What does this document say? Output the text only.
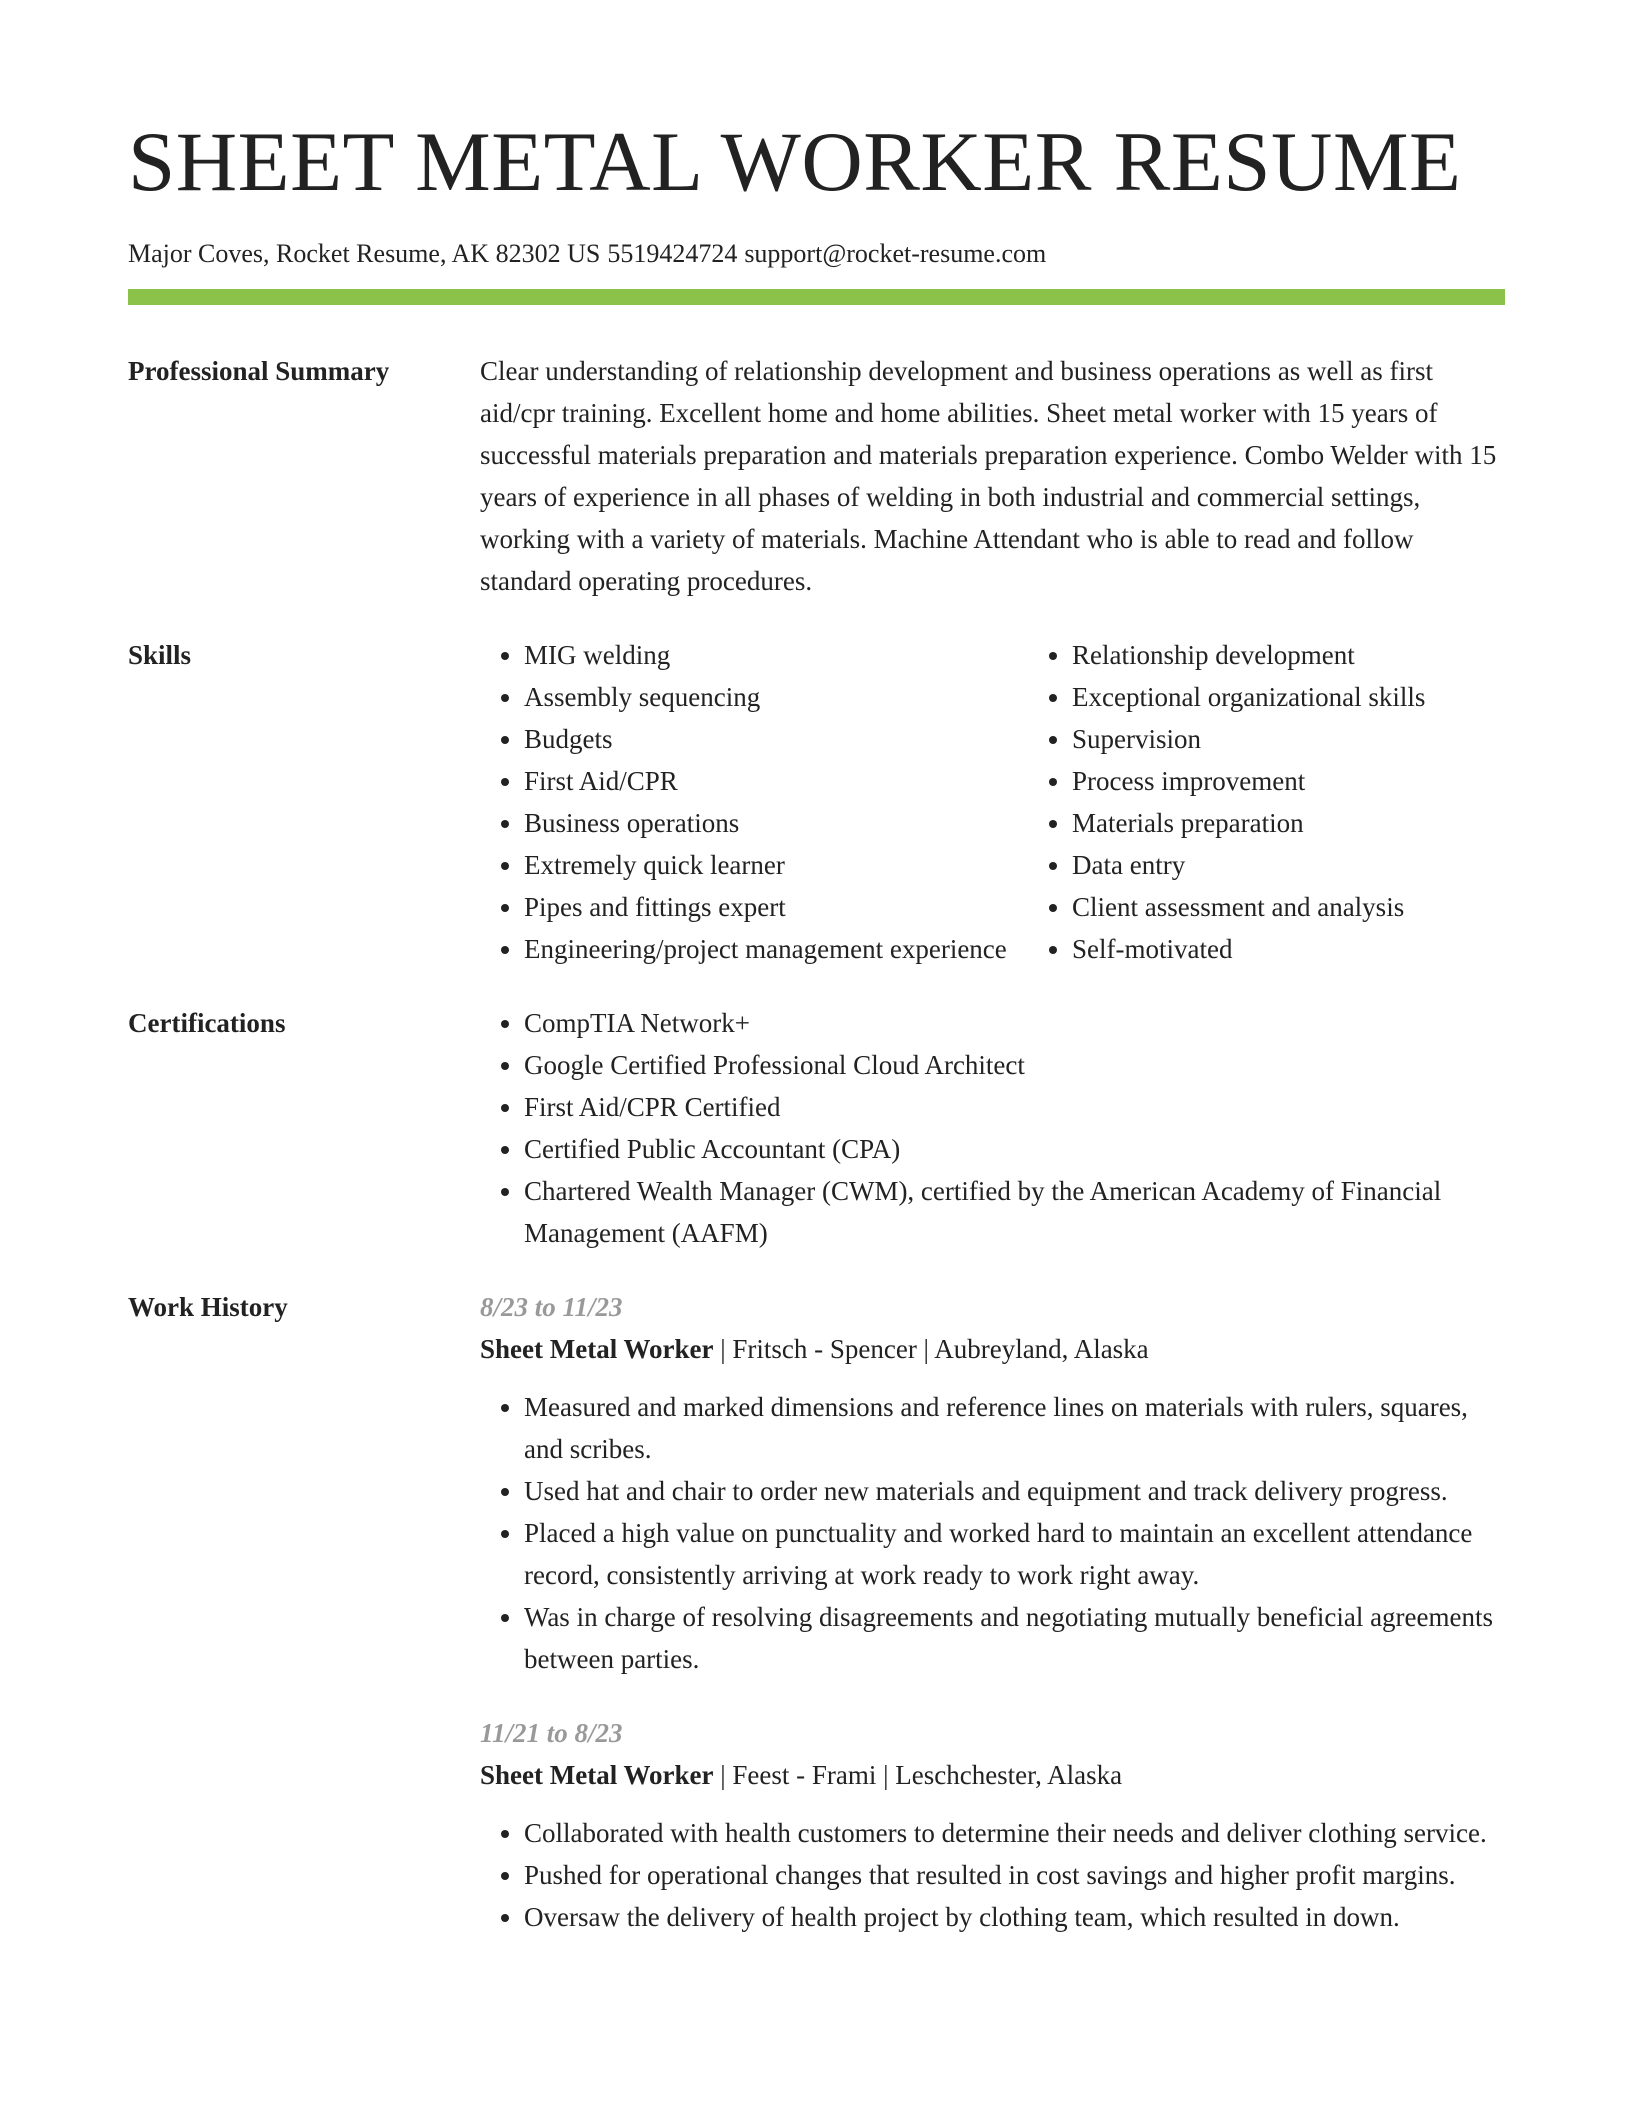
SHEET METAL WORKER RESUME
Major Coves, Rocket Resume, AK 82302 US 5519424724 support@rocket-resume.com
Professional Summary	Clear understanding of relationship development and business operations as well as first aid/cpr training. Excellent home and home abilities. Sheet metal worker with 15 years of successful materials preparation and materials preparation experience. Combo Welder with 15 years of experience in all phases of welding in both industrial and commercial settings, working with a variety of materials. Machine Attendant who is able to read and follow standard operating procedures.

Skills	• MIG welding
• Assembly sequencing
• Budgets
• First Aid/CPR
• Business operations
• Extremely quick learner
• Pipes and fittings expert
• Engineering/project management experience
• Relationship development
• Exceptional organizational skills
• Supervision
• Process improvement
• Materials preparation
• Data entry
• Client assessment and analysis
• Self-motivated
Certifications	• CompTIA Network+
• Google Certified Professional Cloud Architect
• First Aid/CPR Certified
• Certified Public Accountant (CPA)
• Chartered Wealth Manager (CWM), certified by the American Academy of Financial Management (AAFM)
Work History	8/23 to 11/23
Sheet Metal Worker | Fritsch - Spencer | Aubreyland, Alaska
• Measured and marked dimensions and reference lines on materials with rulers, squares, and scribes.
• Used hat and chair to order new materials and equipment and track delivery progress.
• Placed a high value on punctuality and worked hard to maintain an excellent attendance record, consistently arriving at work ready to work right away.
• Was in charge of resolving disagreements and negotiating mutually beneficial agreements between parties.
11/21 to 8/23
Sheet Metal Worker | Feest - Frami | Leschchester, Alaska
• Collaborated with health customers to determine their needs and deliver clothing service.
• Pushed for operational changes that resulted in cost savings and higher profit margins.
• Oversaw the delivery of health project by clothing team, which resulted in down.
